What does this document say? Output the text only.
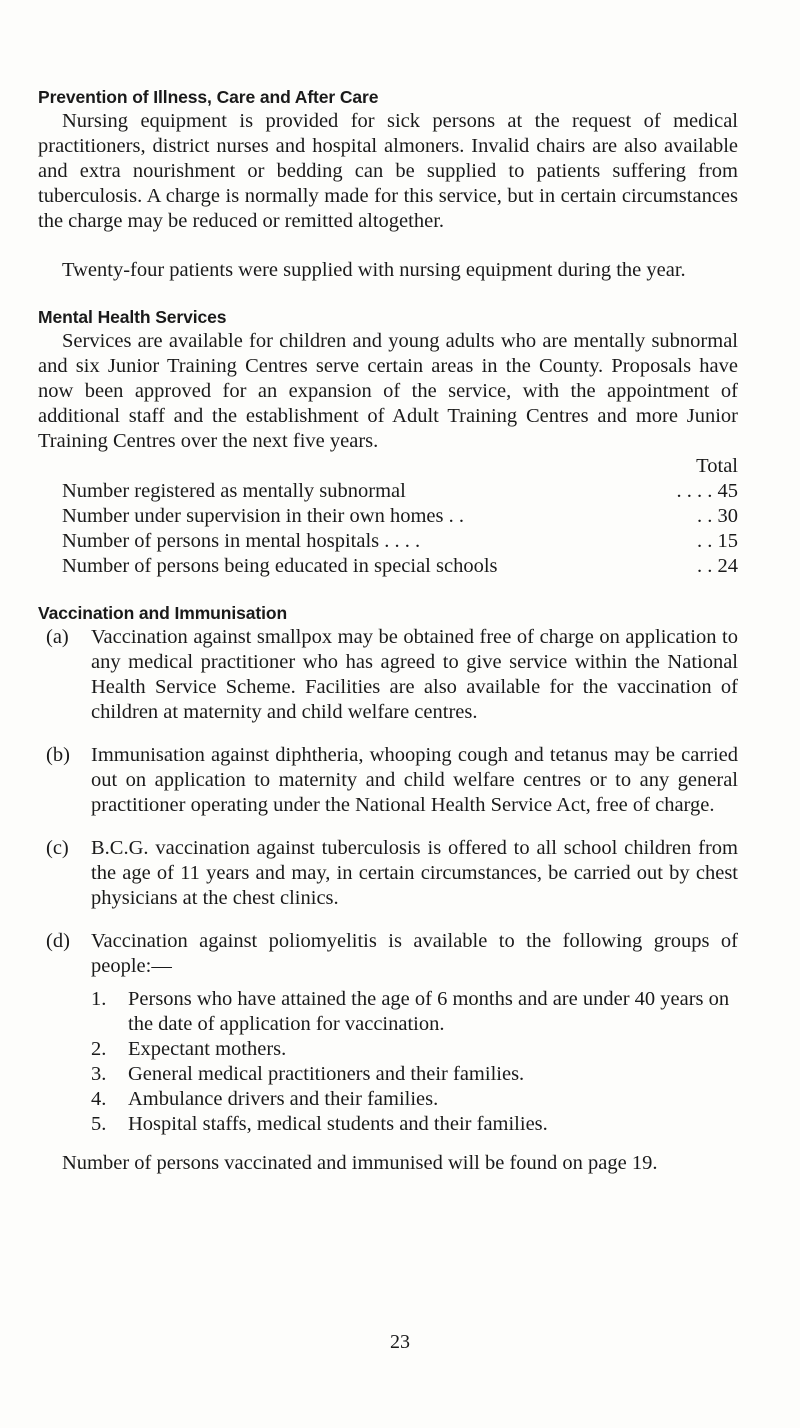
Prevention of Illness, Care and After Care

Nursing equipment is provided for sick persons at the request of medical practitioners, district nurses and hospital almoners. Invalid chairs are also available and extra nourishment or bedding can be supplied to patients suffering from tuberculosis. A charge is normally made for this service, but in certain circumstances the charge may be reduced or remitted altogether.

Twenty-four patients were supplied with nursing equipment during the year.

Mental Health Services

Services are available for children and young adults who are mentally subnormal and six Junior Training Centres serve certain areas in the County. Proposals have now been approved for an expansion of the service, with the appointment of additional staff and the establishment of Adult Training Centres and more Junior Training Centres over the next five years.

Total
Number registered as mentally subnormal	. . . . 45
Number under supervision in their own homes . .	. . 30
Number of persons in mental hospitals . . . .	. . 15
Number of persons being educated in special schools	. . 24
Vaccination and Immunisation
(a)	Vaccination against smallpox may be obtained free of charge on application to any medical practitioner who has agreed to give service within the National Health Service Scheme. Facilities are also available for the vaccination of children at maternity and child welfare centres.
(b)	Immunisation against diphtheria, whooping cough and tetanus may be carried out on application to maternity and child welfare centres or to any general practitioner operating under the National Health Service Act, free of charge.
(c)	B.C.G. vaccination against tuberculosis is offered to all school children from the age of 11 years and may, in certain circumstances, be carried out by chest physicians at the chest clinics.
(d)	Vaccination against poliomyelitis is available to the following groups of people:—
1.	Persons who have attained the age of 6 months and are under 40 years on the date of application for vaccination.
2.	Expectant mothers.
3.	General medical practitioners and their families.
4.	Ambulance drivers and their families.
5.	Hospital staffs, medical students and their families.

Number of persons vaccinated and immunised will be found on page 19.

23
